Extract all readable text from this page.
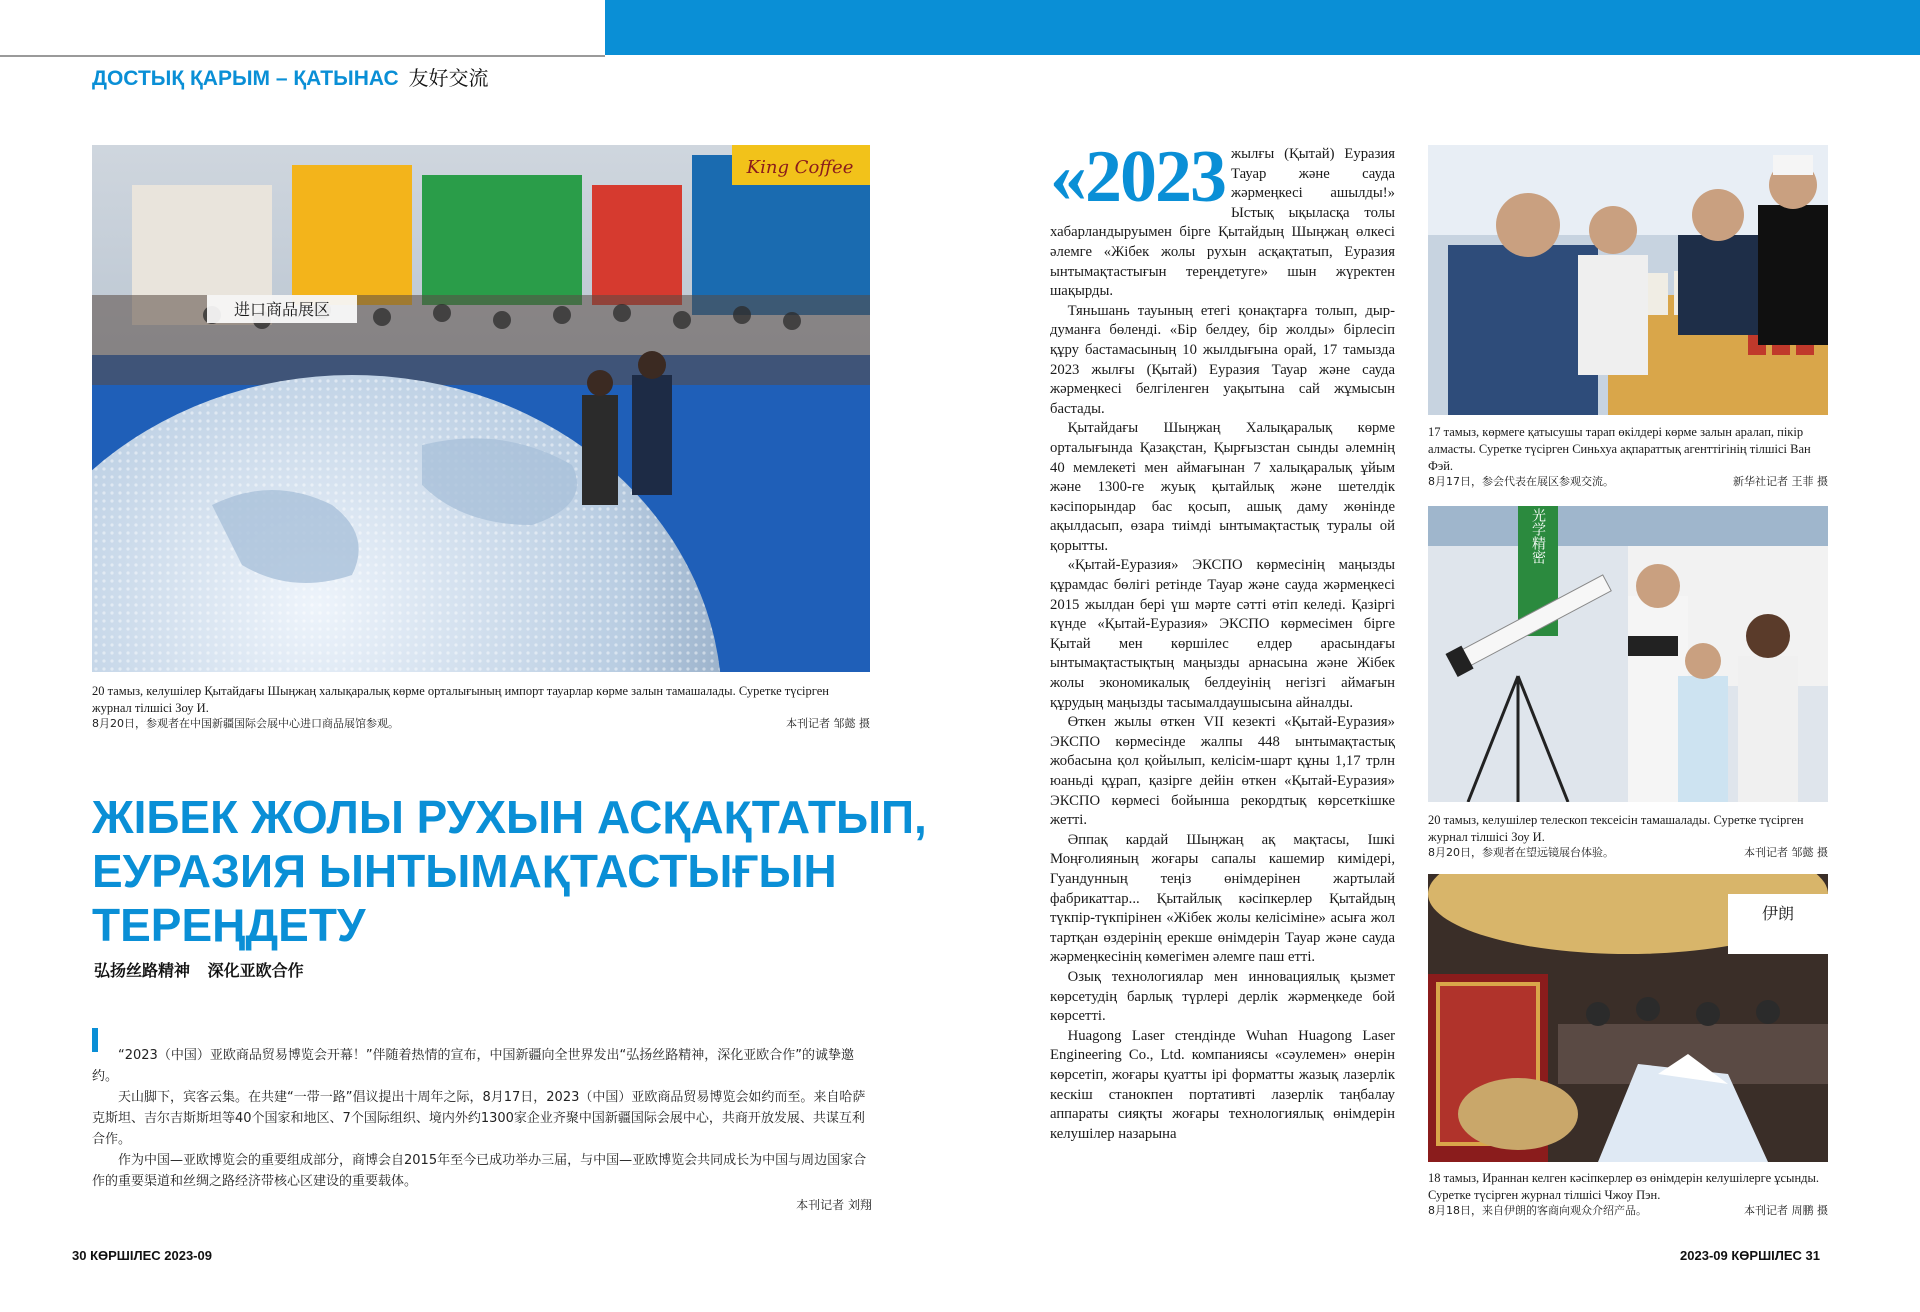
ДОСТЫҚ ҚАРЫМ – ҚАТЫНАС 友好交流
进口商品展区
King Coffee
20 тамыз, келушілер Қытайдағы Шыңжаң халықаралық көрме орталығының импорт тауарлар көрме залын тамашалады. Суретке түсірген журнал тілшісі Зоу И.
8月20日，参观者在中国新疆国际会展中心进口商品展馆参观。	本刊记者 邹懿 摄
ЖІБЕК ЖОЛЫ РУХЫН АСҚАҚТАТЫП,
ЕУРАЗИЯ ЫНТЫМАҚТАСТЫҒЫН
ТЕРЕҢДЕТУ
弘扬丝路精神 深化亚欧合作

“2023（中国）亚欧商品贸易博览会开幕！”伴随着热情的宣布，中国新疆向全世界发出“弘扬丝路精神，深化亚欧合作”的诚挚邀约。

天山脚下，宾客云集。在共建“一带一路”倡议提出十周年之际，8月17日，2023（中国）亚欧商品贸易博览会如约而至。来自哈萨克斯坦、吉尔吉斯斯坦等40个国家和地区、7个国际组织、境内外约1300家企业齐聚中国新疆国际会展中心，共商开放发展、共谋互利合作。

作为中国—亚欧博览会的重要组成部分，商博会自2015年至今已成功举办三届，与中国—亚欧博览会共同成长为中国与周边国家合作的重要渠道和丝绸之路经济带核心区建设的重要载体。

本刊记者 刘翔

«2023 жылғы (Қытай) Еуразия Тауар және сауда жәрмеңкесі ашылды!» Ыстық ықыласқа толы хабарландыруымен бірге Қытайдың Шыңжаң өлкесі әлемге «Жібек жолы рухын асқақтатып, Еуразия ынтымақтастығын тереңдетуге» шын жүректен шақырды.

Тяньшань тауының етегі қонақтарға толып, дыр-думанға бөленді. «Бір белдеу, бір жолды» бірлесіп құру бастамасының 10 жылдығына орай, 17 тамызда 2023 жылғы (Қытай) Еуразия Тауар және сауда жәрмеңкесі белгіленген уақытына сай жұмысын бастады.

Қытайдағы Шыңжаң Халықаралық көрме орталығында Қазақстан, Қырғызстан сынды әлемнің 40 мемлекеті мен аймағынан 7 халықаралық ұйым және 1300-ге жуық қытайлық және шетелдік кәсіпорындар бас қосып, ашық даму жөнінде ақылдасып, өзара тиімді ынтымақтастық туралы ой қорытты.

«Қытай-Еуразия» ЭКСПО көрмесінің маңызды құрамдас бөлігі ретінде Тауар және сауда жәрмеңкесі 2015 жылдан бері үш мәрте сәтті өтіп келеді. Қазіргі күнде «Қытай-Еуразия» ЭКСПО көрмесімен бірге Қытай мен көршілес елдер арасындағы ынтымақтастықтың маңызды арнасына және Жібек жолы экономикалық белдеуінің негізгі аймағын құрудың маңызды тасымалдаушысына айналды.

Өткен жылы өткен VII кезекті «Қытай-Еуразия» ЭКСПО көрмесінде жалпы 448 ынтымақтастық жобасына қол қойылып, келісім-шарт құны 1,17 трлн юаньді құрап, қазірге дейін өткен «Қытай-Еуразия» ЭКСПО көрмесі бойынша рекордтық көрсеткішке жетті.

Әппақ кардай Шыңжаң ақ мақтасы, Ішкі Моңғолияның жоғары сапалы кашемир кимідері, Гуандунның теңіз өнімдерінен жартылай фабрикаттар... Қытайлық кәсіпкерлер Қытайдың түкпір-түкпірінен «Жібек жолы келісіміне» асыға жол тартқан өздерінің ерекше өнімдерін Тауар және сауда жәрмеңкесінің көмегімен әлемге паш етті.

Озық технологиялар мен инновациялық қызмет көрсетудің барлық түрлері дерлік жәрмеңкеде бой көрсетті.

Huagong Laser стендінде Wuhan Huagong Laser Engineering Co., Ltd. компаниясы «сәулемен» өнерін көрсетіп, жоғары қуатты ірі форматты жазық лазерлік кескіш станокпен портативті лазерлік таңбалау аппараты сияқты жоғары технологиялық өнімдерін келушілер назарына

17 тамыз, көрмеге қатысушы тарап өкілдері көрме залын аралап, пікір алмасты. Суретке түсірген Синьхуа ақпараттық агенттігінің тілшісі Ван Фэй.
8月17日，参会代表在展区参观交流。	新华社记者 王菲 摄
光学精密
20 тамыз, келушілер телескоп тексеісін тамашалады. Суретке түсірген журнал тілшісі Зоу И.
8月20日，参观者在望远镜展台体验。	本刊记者 邹懿 摄
伊朗
18 тамыз, Ираннан келген кәсіпкерлер өз өнімдерін келушілерге ұсынды. Суретке түсірген журнал тілшісі Чжоу Пэн.
8月18日，来自伊朗的客商向观众介绍产品。	本刊记者 周鹏 摄
30 КӨРШІЛЕС 2023-09	2023-09 КӨРШІЛЕС 31
